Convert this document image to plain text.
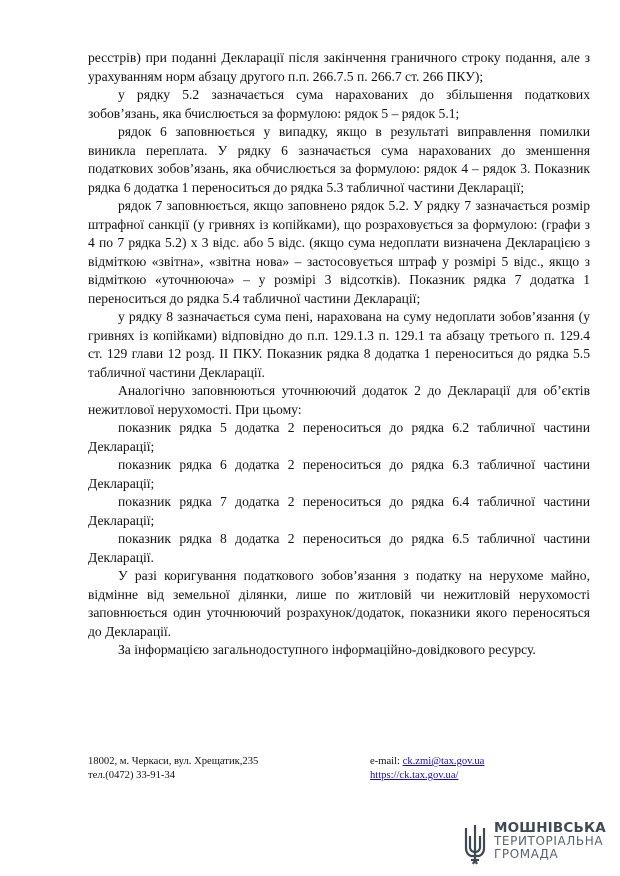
ресстрів) при поданні Декларації після закінчення граничного строку подання, але з урахуванням норм абзацу другого п.п. 266.7.5 п. 266.7 ст. 266 ПКУ);

у рядку 5.2 зазначається сума нарахованих до збільшення податкових зобов’язань, яка бчислюється за формулою: рядок 5 – рядок 5.1;

рядок 6 заповнюється у випадку, якщо в результаті виправлення помилки виникла переплата. У рядку 6 зазначається сума нарахованих до зменшення податкових зобов’язань, яка обчислюється за формулою: рядок 4 – рядок 3. Показник рядка 6 додатка 1 переноситься до рядка 5.3 табличної частини Декларації;

рядок 7 заповнюється, якщо заповнено рядок 5.2. У рядку 7 зазначається розмір штрафної санкції (у гривнях із копійками), що розраховується за формулою: (графи з 4 по 7 рядка 5.2) х 3 відс. або 5 відс. (якщо сума недоплати визначена Декларацією з відміткою «звітна», «звітна нова» – застосовується штраф у розмірі 5 відс., якщо з відміткою «уточнююча» – у розмірі 3 відсотків). Показник рядка 7 додатка 1 переноситься до рядка 5.4 табличної частини Декларації;

у рядку 8 зазначається сума пені, нарахована на суму недоплати зобов’язання (у гривнях із копійками) відповідно до п.п. 129.1.3 п. 129.1 та абзацу третього п. 129.4 ст. 129 глави 12 розд. II ПКУ. Показник рядка 8 додатка 1 переноситься до рядка 5.5 табличної частини Декларації.

Аналогічно заповнюються уточнюючий додаток 2 до Декларації для об’єктів нежитлової нерухомості. При цьому:

показник рядка 5 додатка 2 переноситься до рядка 6.2 табличної частини Декларації;

показник рядка 6 додатка 2 переноситься до рядка 6.3 табличної частини Декларації;

показник рядка 7 додатка 2 переноситься до рядка 6.4 табличної частини Декларації;

показник рядка 8 додатка 2 переноситься до рядка 6.5 табличної частини Декларації.

У разі коригування податкового зобов’язання з податку на нерухоме майно, відмінне від земельної ділянки, лише по житловій чи нежитловій нерухомості заповнюється один уточнюючий розрахунок/додаток, показники якого переносяться до Декларації.

За інформацією загальнодоступного інформаційно-довідкового ресурсу.

18002, м. Черкаси, вул. Хрещатик,235
тел.(0472) 33-91-34
e-mail: ck.zmi@tax.gov.ua
https://ck.tax.gov.ua/
МОШНІВСЬКА
ТЕРИТОРІАЛЬНА
ГРОМАДА
